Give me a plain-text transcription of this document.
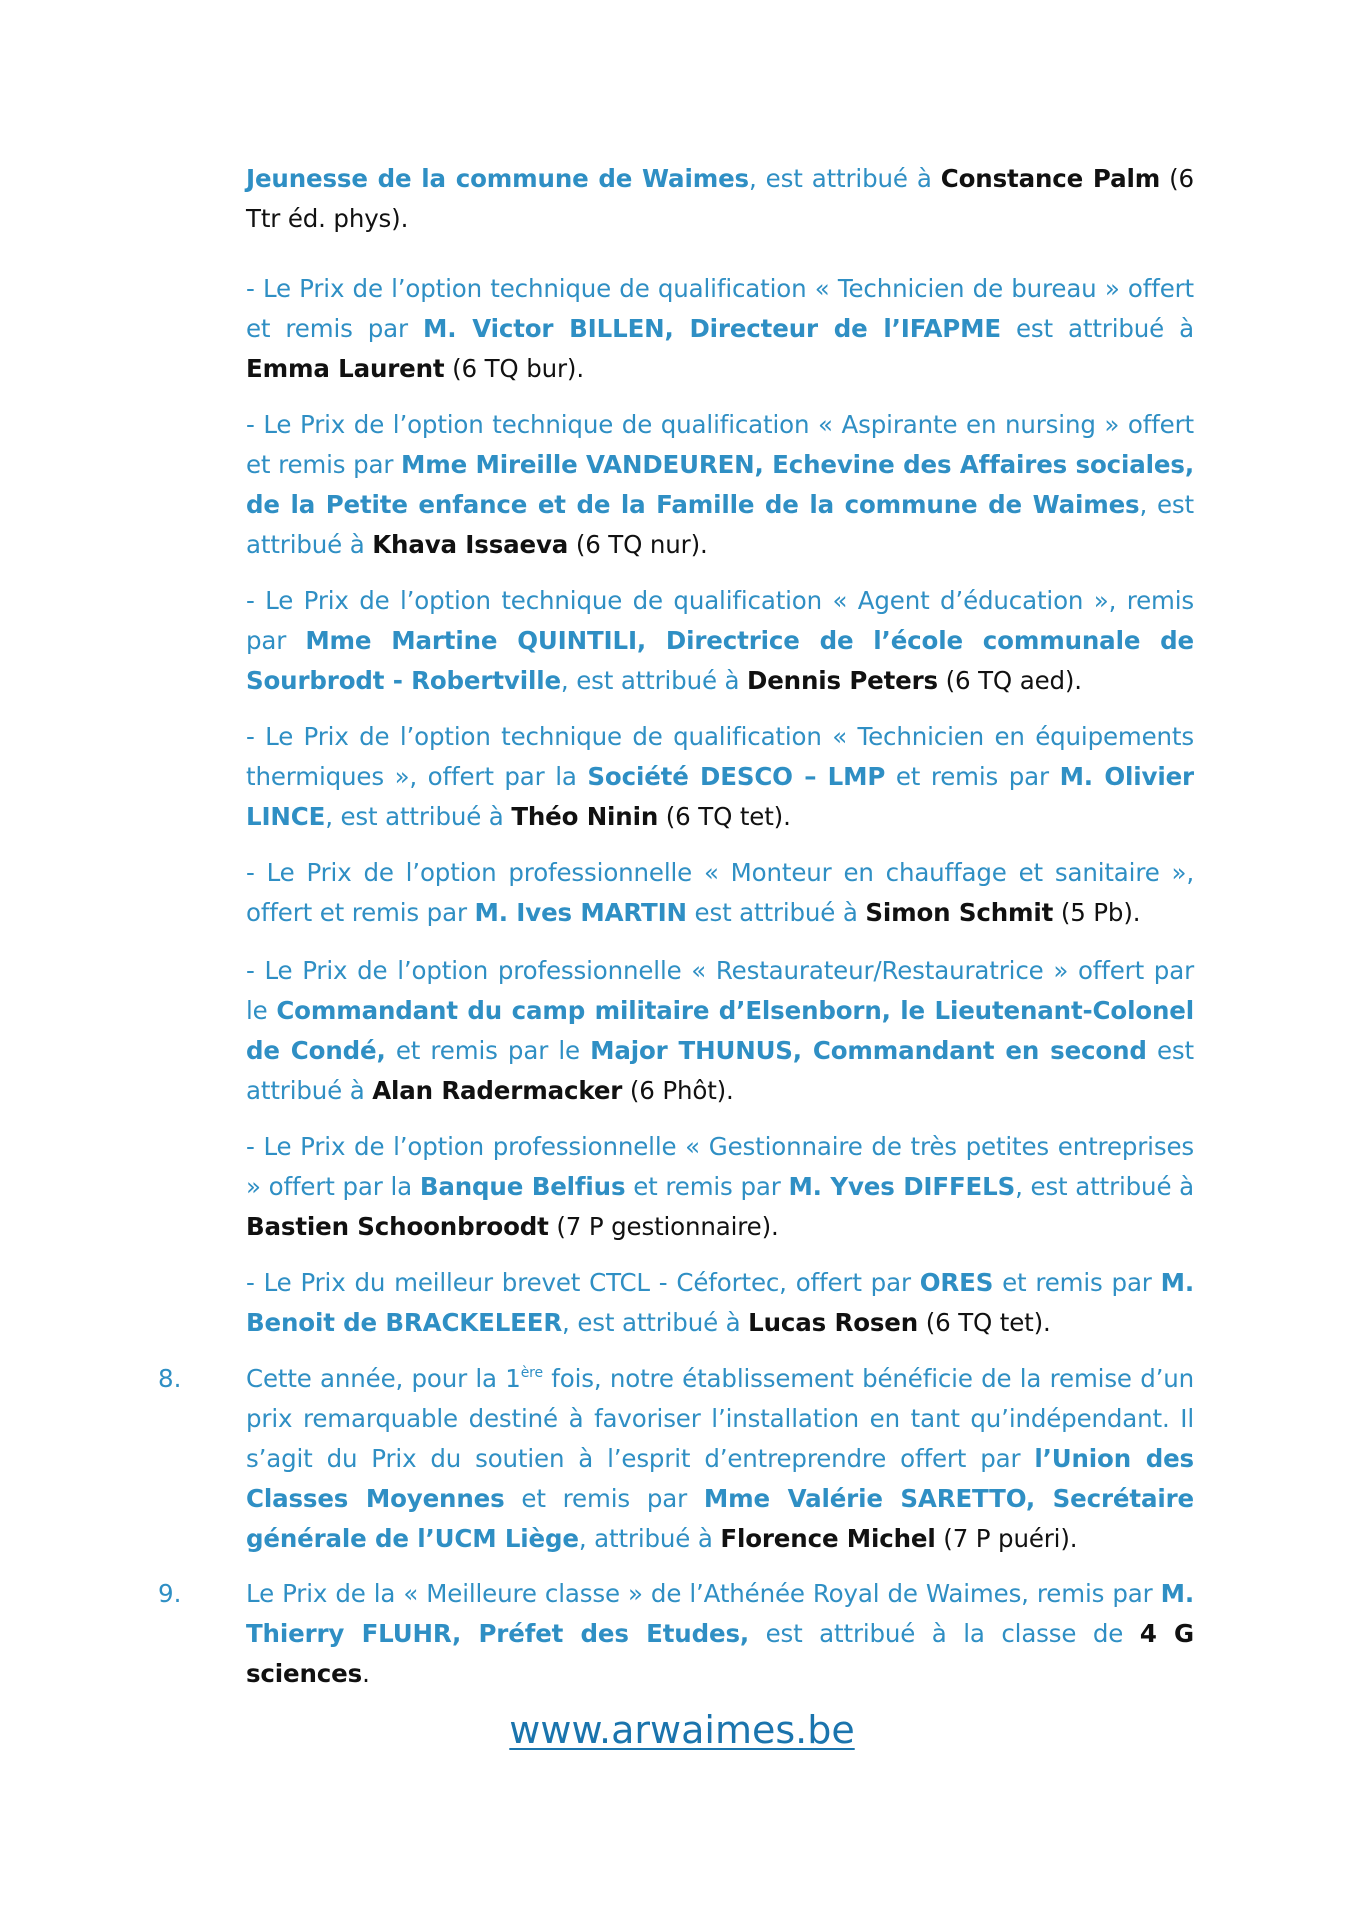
Jeunesse de la commune de Waimes, est attribué à Constance Palm (6 Ttr éd. phys).

- Le Prix de l’option technique de qualification « Technicien de bureau » offert et remis par M. Victor BILLEN, Directeur de l’IFAPME est attribué à Emma Laurent (6 TQ bur).

- Le Prix de l’option technique de qualification « Aspirante en nursing » offert et remis par Mme Mireille VANDEUREN, Echevine des Affaires sociales, de la Petite enfance et de la Famille de la commune de Waimes, est attribué à Khava Issaeva (6 TQ nur).

- Le Prix de l’option technique de qualification « Agent d’éducation », remis par Mme Martine QUINTILI, Directrice de l’école communale de Sourbrodt - Robertville, est attribué à Dennis Peters (6 TQ aed).

- Le Prix de l’option technique de qualification « Technicien en équipements thermiques », offert par la Société DESCO – LMP et remis par M. Olivier LINCE, est attribué à Théo Ninin (6 TQ tet).

- Le Prix de l’option professionnelle « Monteur en chauffage et sanitaire », offert et remis par M. Ives MARTIN est attribué à Simon Schmit (5 Pb).

- Le Prix de l’option professionnelle « Restaurateur/Restauratrice » offert par le Commandant du camp militaire d’Elsenborn, le Lieutenant-Colonel de Condé, et remis par le Major THUNUS, Commandant en second est attribué à Alan Radermacker (6 Phôt).

- Le Prix de l’option professionnelle « Gestionnaire de très petites entreprises » offert par la Banque Belfius et remis par M. Yves DIFFELS, est attribué à Bastien Schoonbroodt (7 P gestionnaire).

- Le Prix du meilleur brevet CTCL - Céfortec, offert par ORES et remis par M. Benoit de BRACKELEER, est attribué à Lucas Rosen (6 TQ tet).

8.	Cette année, pour la 1ère fois, notre établissement bénéficie de la remise d’un prix remarquable destiné à favoriser l’installation en tant qu’indépendant. Il s’agit du Prix du soutien à l’esprit d’entreprendre offert par l’Union des Classes Moyennes et remis par Mme Valérie SARETTO, Secrétaire générale de l’UCM Liège, attribué à Florence Michel (7 P puéri).

9.	Le Prix de la « Meilleure classe » de l’Athénée Royal de Waimes, remis par M. Thierry FLUHR, Préfet des Etudes, est attribué à la classe de 4 G sciences.

www.arwaimes.be
